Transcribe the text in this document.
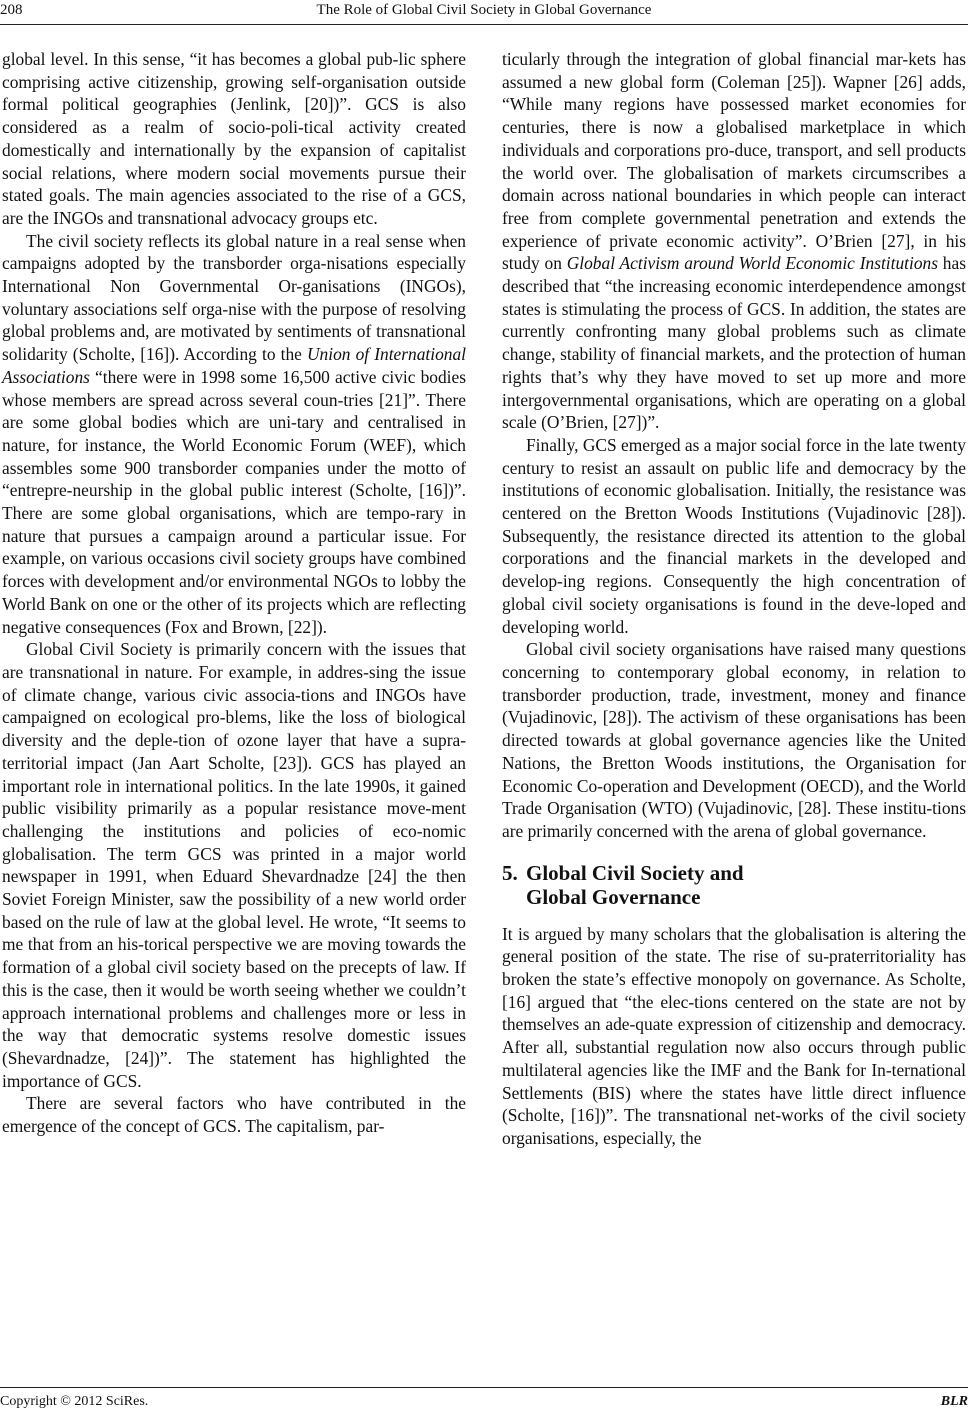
208	The Role of Global Civil Society in Global Governance

global level. In this sense, “it has becomes a global pub-lic sphere comprising active citizenship, growing self-organisation outside formal political geographies (Jenlink, [20])”. GCS is also considered as a realm of socio-poli-tical activity created domestically and internationally by the expansion of capitalist social relations, where modern social movements pursue their stated goals. The main agencies associated to the rise of a GCS, are the INGOs and transnational advocacy groups etc.

The civil society reflects its global nature in a real sense when campaigns adopted by the transborder orga-nisations especially International Non Governmental Or-ganisations (INGOs), voluntary associations self orga-nise with the purpose of resolving global problems and, are motivated by sentiments of transnational solidarity (Scholte, [16]). According to the Union of International Associations “there were in 1998 some 16,500 active civic bodies whose members are spread across several coun-tries [21]”. There are some global bodies which are uni-tary and centralised in nature, for instance, the World Economic Forum (WEF), which assembles some 900 transborder companies under the motto of “entrepre-neurship in the global public interest (Scholte, [16])”. There are some global organisations, which are tempo-rary in nature that pursues a campaign around a particular issue. For example, on various occasions civil society groups have combined forces with development and/or environmental NGOs to lobby the World Bank on one or the other of its projects which are reflecting negative consequences (Fox and Brown, [22]).

Global Civil Society is primarily concern with the issues that are transnational in nature. For example, in addres-sing the issue of climate change, various civic associa-tions and INGOs have campaigned on ecological pro-blems, like the loss of biological diversity and the deple-tion of ozone layer that have a supra-territorial impact (Jan Aart Scholte, [23]). GCS has played an important role in international politics. In the late 1990s, it gained public visibility primarily as a popular resistance move-ment challenging the institutions and policies of eco-nomic globalisation. The term GCS was printed in a major world newspaper in 1991, when Eduard Shevardnadze [24] the then Soviet Foreign Minister, saw the possibility of a new world order based on the rule of law at the global level. He wrote, “It seems to me that from an his-torical perspective we are moving towards the formation of a global civil society based on the precepts of law. If this is the case, then it would be worth seeing whether we couldn’t approach international problems and challenges more or less in the way that democratic systems resolve domestic issues (Shevardnadze, [24])”. The statement has highlighted the importance of GCS.

There are several factors who have contributed in the emergence of the concept of GCS. The capitalism, par-

ticularly through the integration of global financial mar-kets has assumed a new global form (Coleman [25]). Wapner [26] adds, “While many regions have possessed market economies for centuries, there is now a globalised marketplace in which individuals and corporations pro-duce, transport, and sell products the world over. The globalisation of markets circumscribes a domain across national boundaries in which people can interact free from complete governmental penetration and extends the experience of private economic activity”. O’Brien [27], in his study on Global Activism around World Economic Institutions has described that “the increasing economic interdependence amongst states is stimulating the process of GCS. In addition, the states are currently confronting many global problems such as climate change, stability of financial markets, and the protection of human rights that’s why they have moved to set up more and more intergovernmental organisations, which are operating on a global scale (O’Brien, [27])”.

Finally, GCS emerged as a major social force in the late twenty century to resist an assault on public life and democracy by the institutions of economic globalisation. Initially, the resistance was centered on the Bretton Woods Institutions (Vujadinovic [28]). Subsequently, the resistance directed its attention to the global corporations and the financial markets in the developed and develop-ing regions. Consequently the high concentration of global civil society organisations is found in the deve-loped and developing world.

Global civil society organisations have raised many questions concerning to contemporary global economy, in relation to transborder production, trade, investment, money and finance (Vujadinovic, [28]). The activism of these organisations has been directed towards at global governance agencies like the United Nations, the Bretton Woods institutions, the Organisation for Economic Co-operation and Development (OECD), and the World Trade Organisation (WTO) (Vujadinovic, [28]. These institu-tions are primarily concerned with the arena of global governance.

5. Global Civil Society and
Global Governance

It is argued by many scholars that the globalisation is altering the general position of the state. The rise of su-praterritoriality has broken the state’s effective monopoly on governance. As Scholte, [16] argued that “the elec-tions centered on the state are not by themselves an ade-quate expression of citizenship and democracy. After all, substantial regulation now also occurs through public multilateral agencies like the IMF and the Bank for In-ternational Settlements (BIS) where the states have little direct influence (Scholte, [16])”. The transnational net-works of the civil society organisations, especially, the

Copyright © 2012 SciRes.	BLR
